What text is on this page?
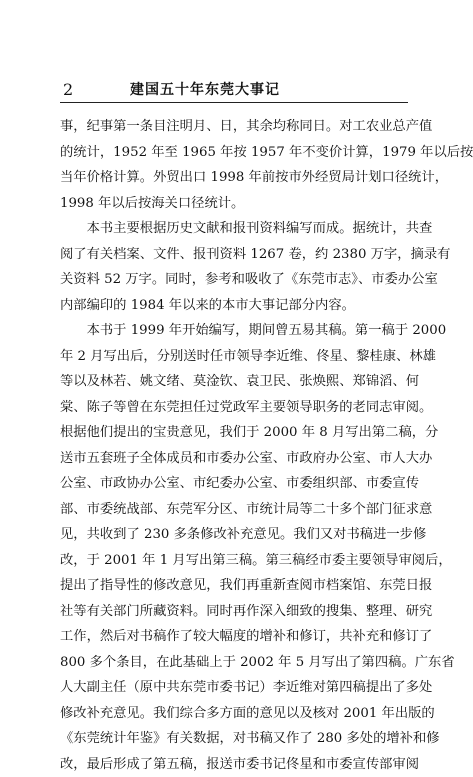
2	建国五十年东莞大事记
事，纪事第一条目注明月、日，其余均称同日。对工农业总产值
的统计，1952 年至 1965 年按 1957 年不变价计算，1979 年以后按
当年价格计算。外贸出口 1998 年前按市外经贸局计划口径统计，
1998 年以后按海关口径统计。
　　本书主要根据历史文献和报刊资料编写而成。据统计，共查
阅了有关档案、文件、报刊资料 1267 卷，约 2380 万字，摘录有
关资料 52 万字。同时，参考和吸收了《东莞市志》、市委办公室
内部编印的 1984 年以来的本市大事记部分内容。
　　本书于 1999 年开始编写，期间曾五易其稿。第一稿于 2000
年 2 月写出后，分别送时任市领导李近维、佟星、黎桂康、林雄
等以及林若、姚文绪、莫淦钦、袁卫民、张焕熙、郑锦滔、何
棠、陈子等曾在东莞担任过党政军主要领导职务的老同志审阅。
根据他们提出的宝贵意见，我们于 2000 年 8 月写出第二稿，分
送市五套班子全体成员和市委办公室、市政府办公室、市人大办
公室、市政协办公室、市纪委办公室、市委组织部、市委宣传
部、市委统战部、东莞军分区、市统计局等二十多个部门征求意
见，共收到了 230 多条修改补充意见。我们又对书稿进一步修
改，于 2001 年 1 月写出第三稿。第三稿经市委主要领导审阅后，
提出了指导性的修改意见，我们再重新查阅市档案馆、东莞日报
社等有关部门所藏资料。同时再作深入细致的搜集、整理、研究
工作，然后对书稿作了较大幅度的增补和修订，共补充和修订了
800 多个条目，在此基础上于 2002 年 5 月写出了第四稿。广东省
人大副主任（原中共东莞市委书记）李近维对第四稿提出了多处
修改补充意见。我们综合多方面的意见以及核对 2001 年出版的
《东莞统计年鉴》有关数据，对书稿又作了 280 多处的增补和修
改，最后形成了第五稿，报送市委书记佟星和市委宣传部审阅
